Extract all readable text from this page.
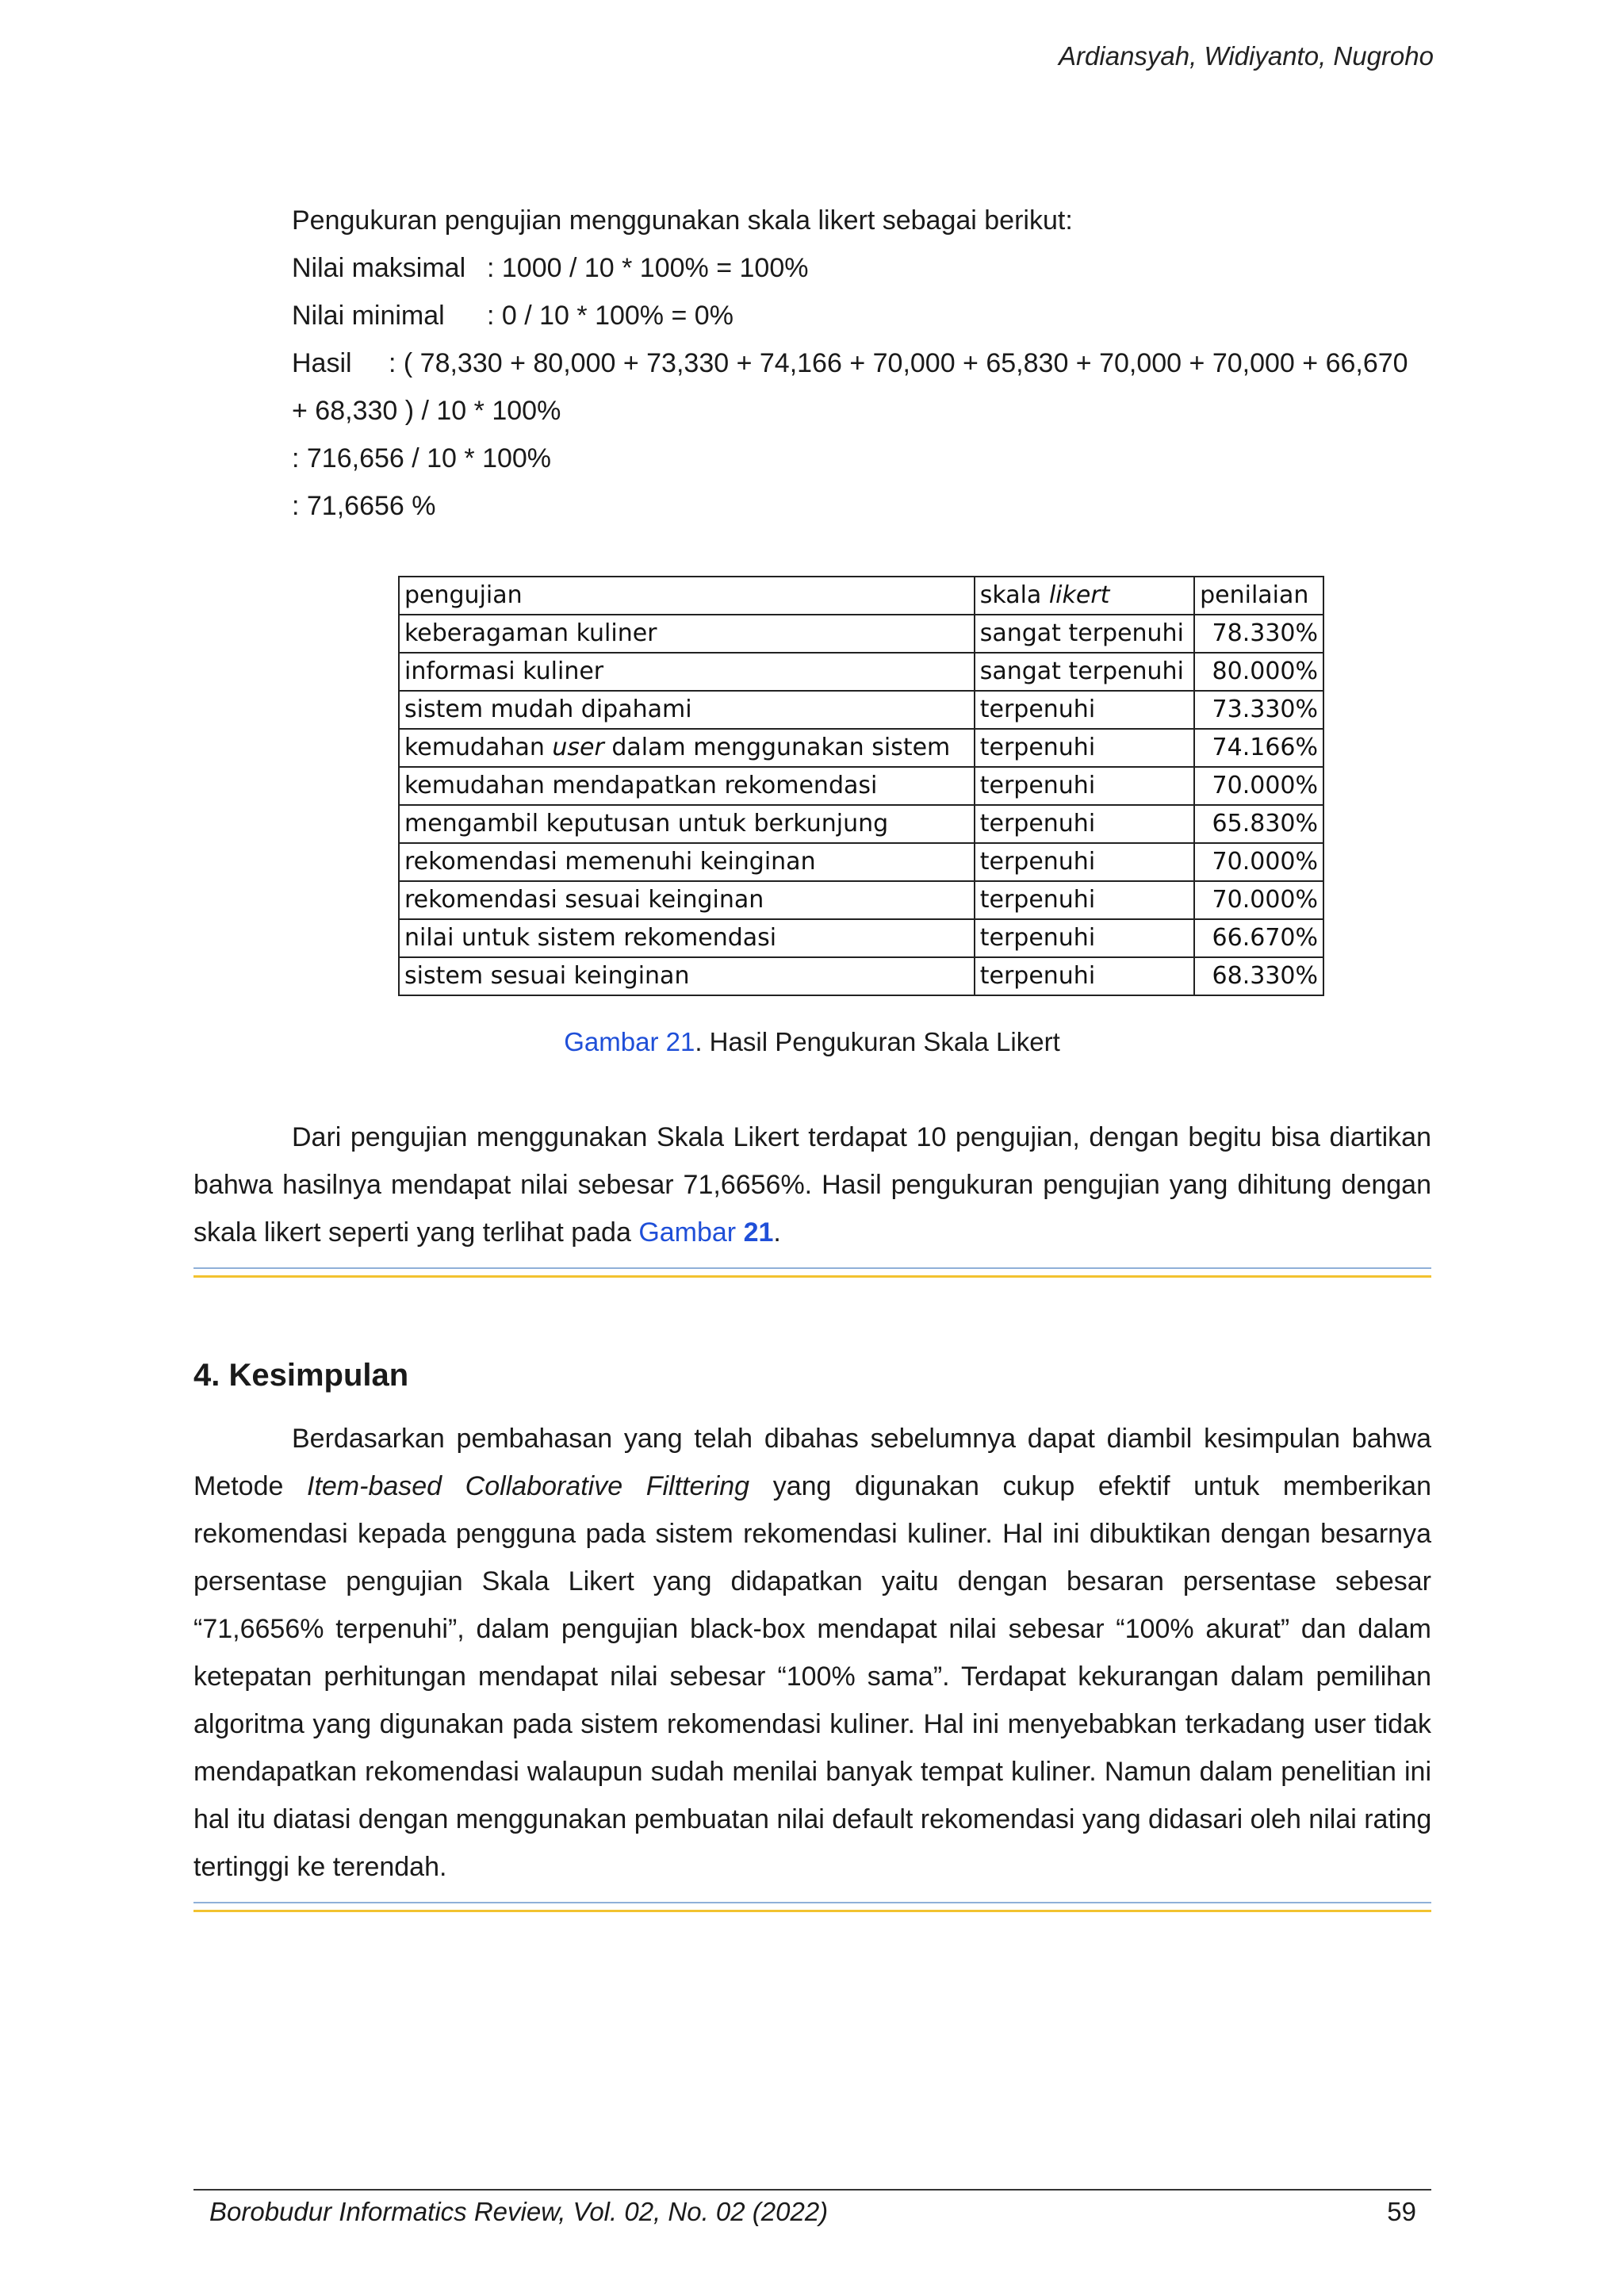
Ardiansyah, Widiyanto, Nugroho
Pengukuran pengujian menggunakan skala likert sebagai berikut:
Nilai maksimal : 1000 / 10 * 100% = 100%
Nilai minimal : 0 / 10 * 100% = 0%
Hasil : ( 78,330 + 80,000 + 73,330 + 74,166 + 70,000 + 65,830 + 70,000 + 70,000 + 66,670
+ 68,330 ) / 10 * 100%
: 716,656 / 10 * 100%
: 71,6656 %
pengujian	skala likert	penilaian
keberagaman kuliner	sangat terpenuhi	78.330%
informasi kuliner	sangat terpenuhi	80.000%
sistem mudah dipahami	terpenuhi	73.330%
kemudahan user dalam menggunakan sistem	terpenuhi	74.166%
kemudahan mendapatkan rekomendasi	terpenuhi	70.000%
mengambil keputusan untuk berkunjung	terpenuhi	65.830%
rekomendasi memenuhi keinginan	terpenuhi	70.000%
rekomendasi sesuai keinginan	terpenuhi	70.000%
nilai untuk sistem rekomendasi	terpenuhi	66.670%
sistem sesuai keinginan	terpenuhi	68.330%
Gambar 21. Hasil Pengukuran Skala Likert
Dari pengujian menggunakan Skala Likert terdapat 10 pengujian, dengan begitu bisa diartikan
bahwa hasilnya mendapat nilai sebesar 71,6656%. Hasil pengukuran pengujian yang dihitung dengan
skala likert seperti yang terlihat pada Gambar 21.
4. Kesimpulan
Berdasarkan pembahasan yang telah dibahas sebelumnya dapat diambil kesimpulan bahwa
Metode Item-based Collaborative Filttering yang digunakan cukup efektif untuk memberikan
rekomendasi kepada pengguna pada sistem rekomendasi kuliner. Hal ini dibuktikan dengan besarnya
persentase pengujian Skala Likert yang didapatkan yaitu dengan besaran persentase sebesar
“71,6656% terpenuhi”, dalam pengujian black-box mendapat nilai sebesar “100% akurat” dan dalam
ketepatan perhitungan mendapat nilai sebesar “100% sama”. Terdapat kekurangan dalam pemilihan
algoritma yang digunakan pada sistem rekomendasi kuliner. Hal ini menyebabkan terkadang user tidak
mendapatkan rekomendasi walaupun sudah menilai banyak tempat kuliner. Namun dalam penelitian ini
hal itu diatasi dengan menggunakan pembuatan nilai default rekomendasi yang didasari oleh nilai rating
tertinggi ke terendah.
Borobudur Informatics Review, Vol. 02, No. 02 (2022)	59
